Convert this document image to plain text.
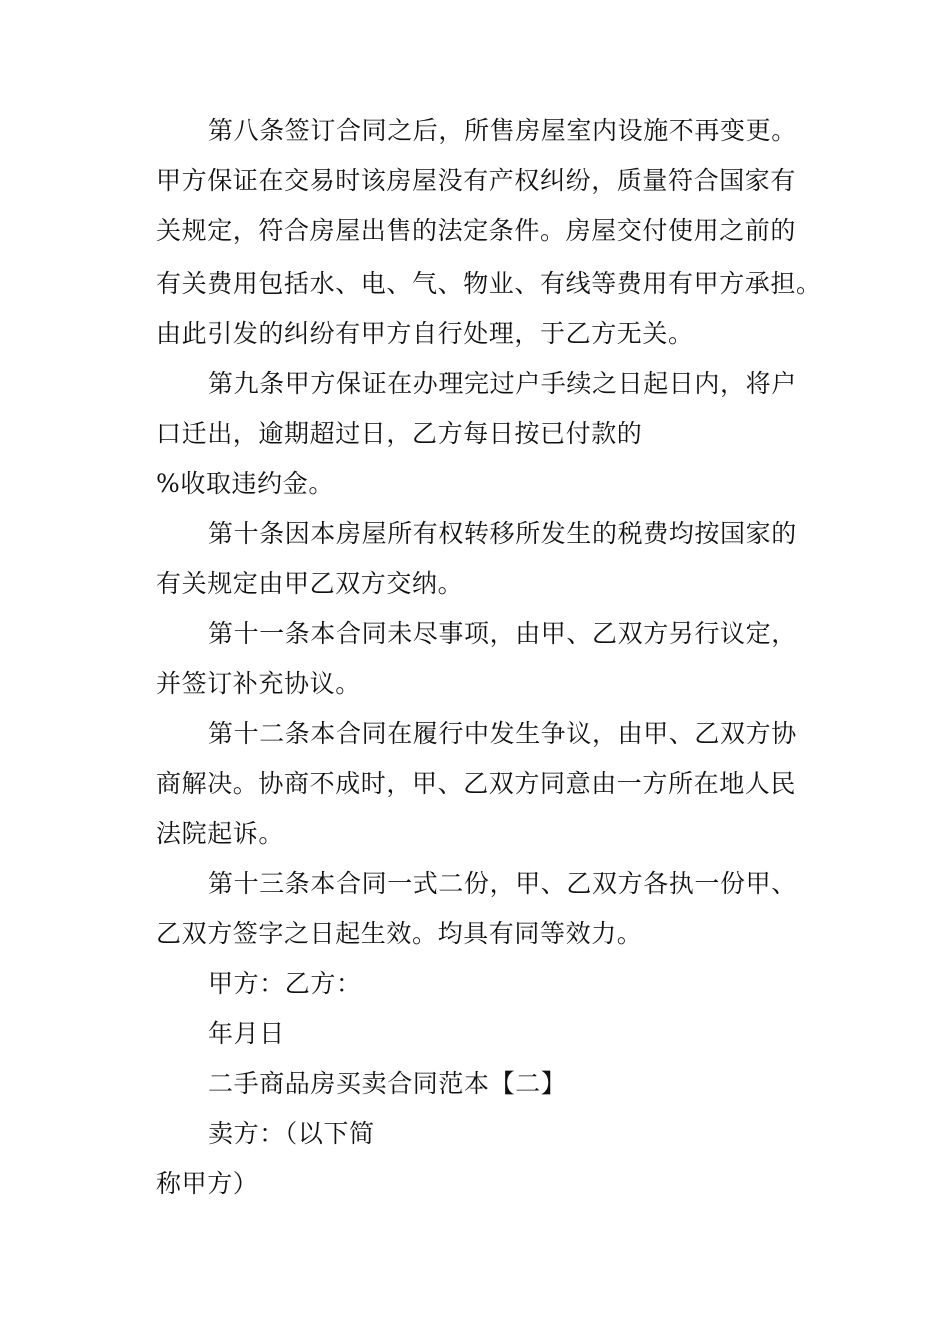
第八条签订合同之后，所售房屋室内设施不再变更。
甲方保证在交易时该房屋没有产权纠纷，质量符合国家有
关规定，符合房屋出售的法定条件。房屋交付使用之前的
有关费用包括水、电、气、物业、有线等费用有甲方承担。
由此引发的纠纷有甲方自行处理，于乙方无关。
第九条甲方保证在办理完过户手续之日起日内，将户
口迁出，逾期超过日，乙方每日按已付款的
%收取违约金。
第十条因本房屋所有权转移所发生的税费均按国家的
有关规定由甲乙双方交纳。
第十一条本合同未尽事项，由甲、乙双方另行议定，
并签订补充协议。
第十二条本合同在履行中发生争议，由甲、乙双方协
商解决。协商不成时，甲、乙双方同意由一方所在地人民
法院起诉。
第十三条本合同一式二份，甲、乙双方各执一份甲、
乙双方签字之日起生效。均具有同等效力。
甲方：乙方：
年月日
二手商品房买卖合同范本【二】
卖方：（以下简
称甲方）
